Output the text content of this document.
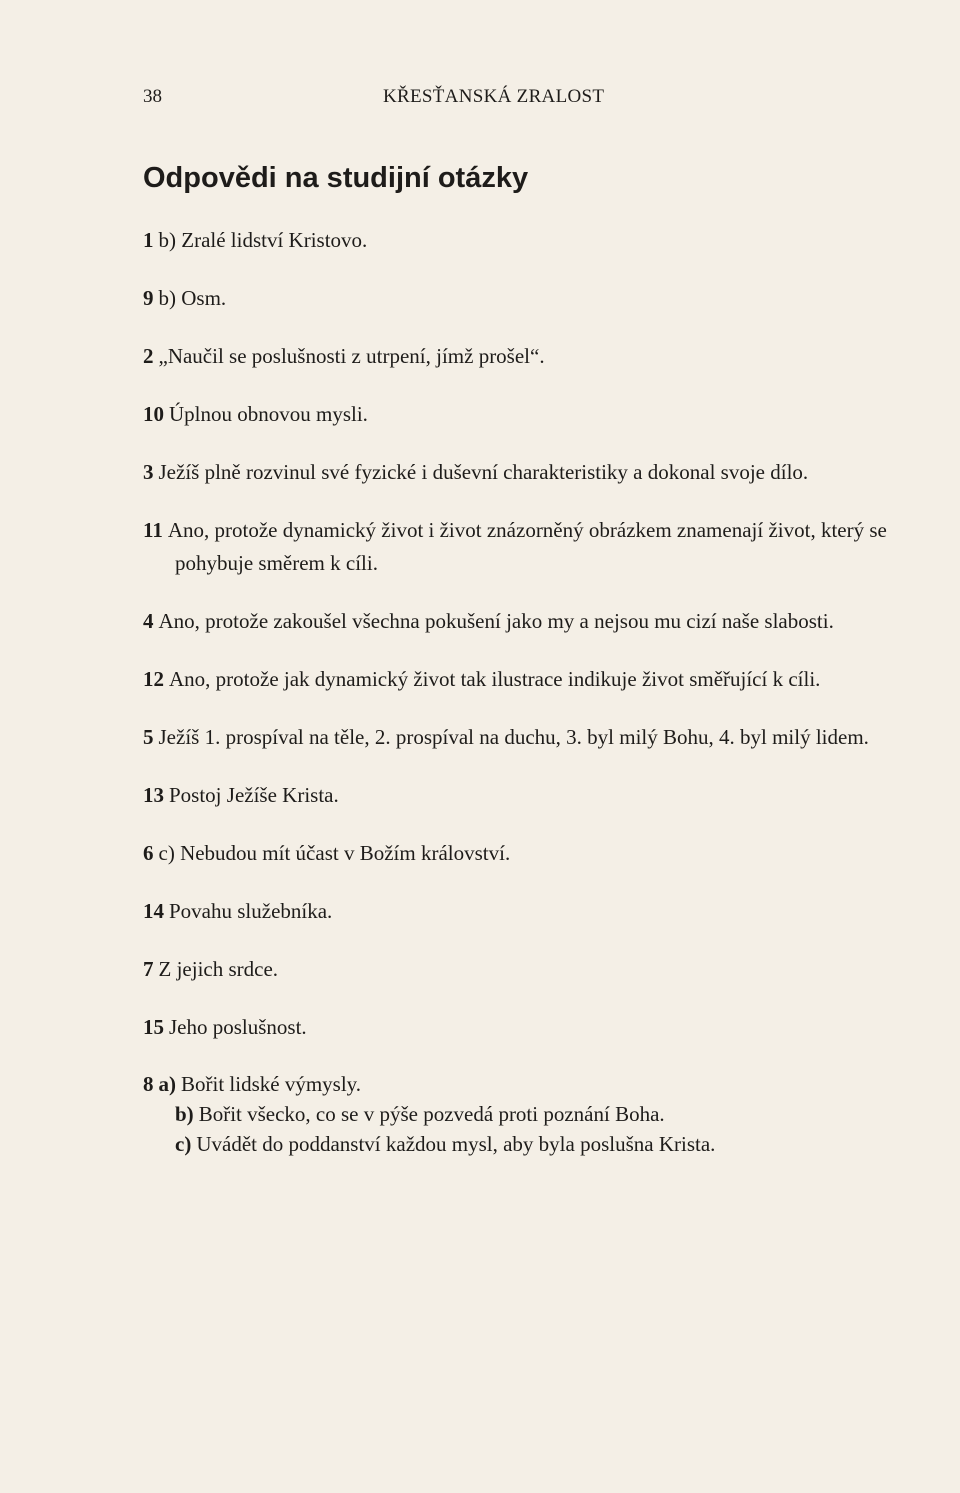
38	KŘESŤANSKÁ ZRALOST
Odpovědi na studijní otázky
1 b) Zralé lidství Kristovo.
9 b) Osm.
2 „Naučil se poslušnosti z utrpení, jímž prošel“.
10 Úplnou obnovou mysli.
3 Ježíš plně rozvinul své fyzické i duševní charakteristiky a dokonal svoje dílo.
11 Ano, protože dynamický život i život znázorněný obrázkem znamenají život, který se pohybuje směrem k cíli.
4 Ano, protože zakoušel všechna pokušení jako my a nejsou mu cizí naše slabosti.
12 Ano, protože jak dynamický život tak ilustrace indikuje život směřující k cíli.
5 Ježíš 1. prospíval na těle, 2. prospíval na duchu, 3. byl milý Bohu, 4. byl milý lidem.
13 Postoj Ježíše Krista.
6 c) Nebudou mít účast v Božím království.
14 Povahu služebníka.
7 Z jejich srdce.
15 Jeho poslušnost.
8 a) Bořit lidské výmysly.
b) Bořit všecko, co se v pýše pozvedá proti poznání Boha.
c) Uvádět do poddanství každou mysl, aby byla poslušna Krista.
